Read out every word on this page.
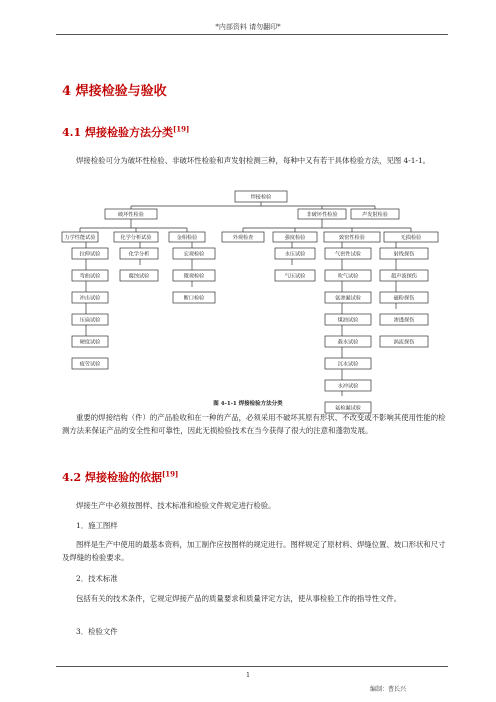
*内部资料 请勿翻印*
4 焊接检验与验收
4.1 焊接检验方法分类[19]

焊接检验可分为破坏性检验、非破坏性检验和声发射检测三种，每种中又有若干具体检验方法，见图 4-1-1。

焊接检验
破坏性检验	非破坏性检验	声发射检验
力学性能试验	化学分析试验	金相检验	外观检查	强度检验	致密性检验	无损检验
拉伸试验
弯曲试验
冲击试验
压扁试验
硬度试验
疲劳试验
化学分析
腐蚀试验
宏观检验
微观检验
断口检验
水压试验
气压试验
气密性试验
吹气试验
氨渗漏试验
煤油试验
载水试验
沉水试验
水冲试验
氦检漏试验
射线探伤
超声波探伤
磁粉探伤
渗透探伤
涡流探伤
图 4-1-1 焊接检验方法分类

重要的焊接结构（件）的产品验收和在一种的产品，必须采用不破坏其原有形状、不改变或不影响其使用性能的检测方法来保证产品的安全性和可靠性，因此无损检验技术在当今获得了很大的注意和蓬勃发展。

4.2 焊接检验的依据[19]

焊接生产中必须按图样、技术标准和检验文件规定进行检验。

1．施工图样

图样是生产中使用的最基本资料，加工制作应按图样的规定进行。图样规定了原材料、焊缝位置、坡口形状和尺寸及焊缝的检验要求。

2．技术标准

包括有关的技术条件，它规定焊接产品的质量要求和质量评定方法，使从事检验工作的指导性文件。

3．检验文件
1
编制：曹长兴
